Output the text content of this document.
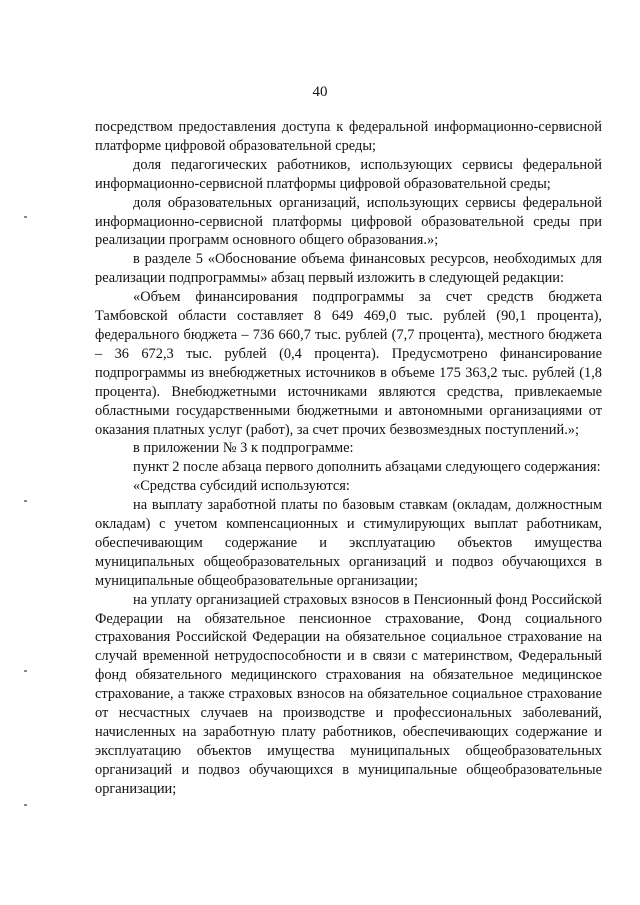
40

посредством предоставления доступа к федеральной информационно-сервисной платформе цифровой образовательной среды;

доля педагогических работников, использующих сервисы федеральной информационно-сервисной платформы цифровой образовательной среды;

доля образовательных организаций, использующих сервисы федеральной информационно-сервисной платформы цифровой образовательной среды при реализации программ основного общего образования.»;

в разделе 5 «Обоснование объема финансовых ресурсов, необходимых для реализации подпрограммы» абзац первый изложить в следующей редакции:

«Объем финансирования подпрограммы за счет средств бюджета Тамбовской области составляет 8 649 469,0 тыс. рублей (90,1 процента), федерального бюджета – 736 660,7 тыс. рублей (7,7 процента), местного бюджета – 36 672,3 тыс. рублей (0,4 процента). Предусмотрено финансирование подпрограммы из внебюджетных источников в объеме 175 363,2 тыс. рублей (1,8 процента). Внебюджетными источниками являются средства, привлекаемые областными государственными бюджетными и автономными организациями от оказания платных услуг (работ), за счет прочих безвозмездных поступлений.»;

в приложении № 3 к подпрограмме:

пункт 2 после абзаца первого дополнить абзацами следующего содержания:

«Средства субсидий используются:

на выплату заработной платы по базовым ставкам (окладам, должностным окладам) с учетом компенсационных и стимулирующих выплат работникам, обеспечивающим содержание и эксплуатацию объектов имущества муниципальных общеобразовательных организаций и подвоз обучающихся в муниципальные общеобразовательные организации;

на уплату организацией страховых взносов в Пенсионный фонд Российской Федерации на обязательное пенсионное страхование, Фонд социального страхования Российской Федерации на обязательное социальное страхование на случай временной нетрудоспособности и в связи с материнством, Федеральный фонд обязательного медицинского страхования на обязательное медицинское страхование, а также страховых взносов на обязательное социальное страхование от несчастных случаев на производстве и профессиональных заболеваний, начисленных на заработную плату работников, обеспечивающих содержание и эксплуатацию объектов имущества муниципальных общеобразовательных организаций и подвоз обучающихся в муниципальные общеобразовательные организации;
